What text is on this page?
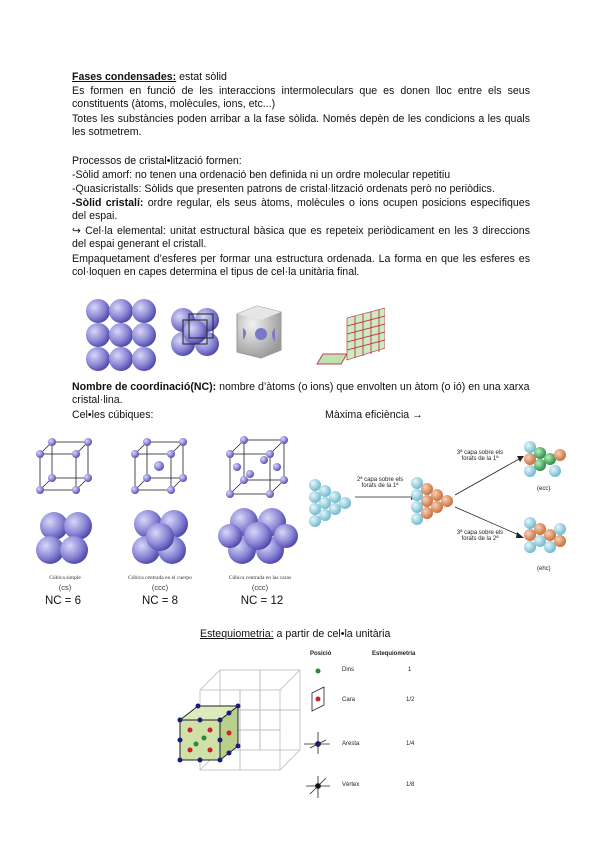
Fases condensades: estat sòlid
Es formen en funció de les interaccions intermoleculars que es donen lloc entre els seus constituents (àtoms, molècules, ions, etc...)
Totes les substàncies poden arribar a la fase sòlida. Només depèn de les condicions a les quals les sotmetrem.
Processos de cristal•lització formen:
-Sòlid amorf: no tenen una ordenació ben definida ni un ordre molecular repetitiu
-Quasicristalls: Sòlids que presenten patrons de cristal·lització ordenats però no periòdics.
-Sòlid cristalí: ordre regular, els seus àtoms, molècules o ions ocupen posicions específiques del espai.
↪ Cel·la elemental: unitat estructural bàsica que es repeteix periòdicament en les 3 direccions del espai generant el cristall.
Empaquetament d’esferes per formar una estructura ordenada. La forma en que les esferes es col·loquen en capes determina el tipus de cel·la unitària final.
Nombre de coordinació(NC): nombre d’àtoms (o ions) que envolten un àtom (o ió) en una xarxa cristal·lina.
Cel•les cúbiques:	Màxima eficiència →
Cúbica simple	Cúbica centrada en el cuerpo	Cúbica centrada en las caras
(cs)	(ccc)	(ccc)
NC = 6	NC = 8	NC = 12
2ª capa sobre els forats de la 1ª
3ª capa sobre els forats de la 1ª
3ª capa sobre els forats de la 2ª
(ecc)
(ehc)
Estequiometria: a partir de cel•la unitària
Posició	Estequiometria
Dins	1
Cara	1/2
Aresta	1/4
Vèrtex	1/8
